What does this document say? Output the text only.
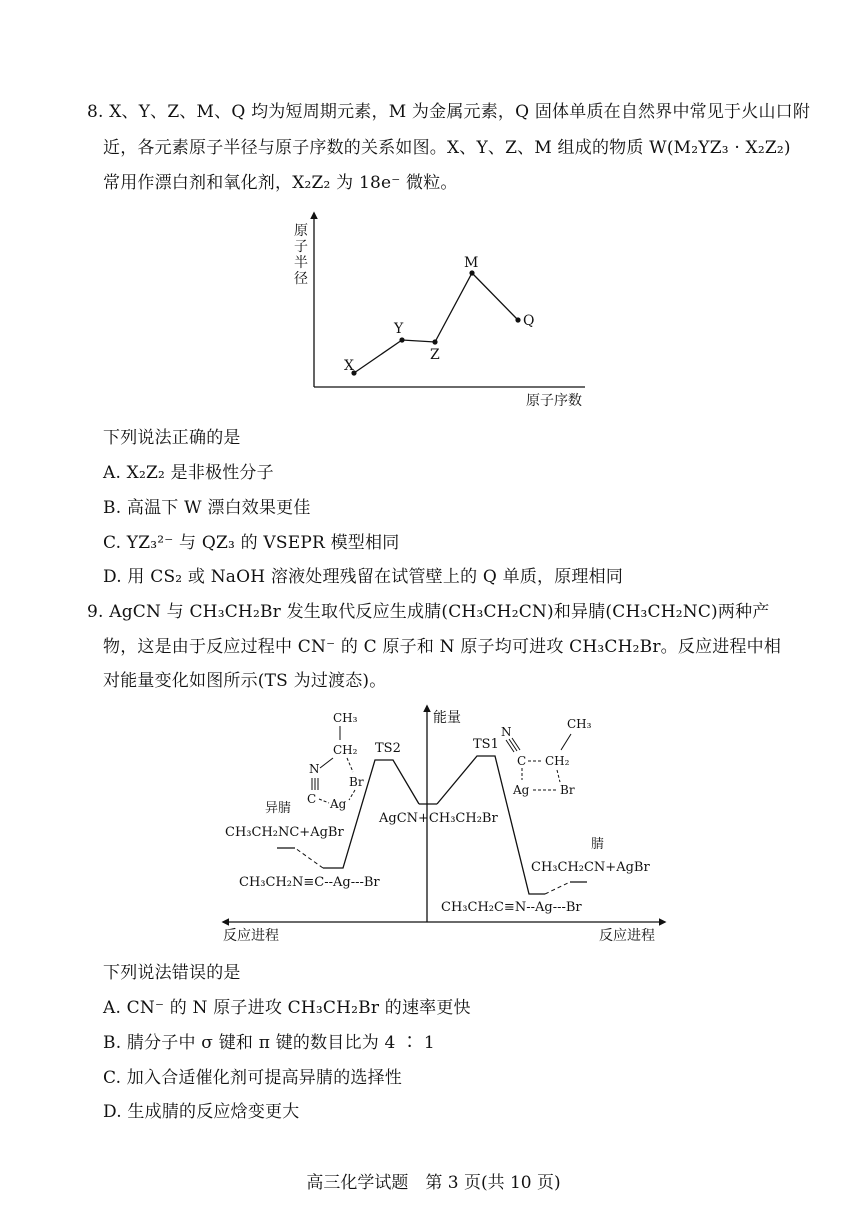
8. X、Y、Z、M、Q 均为短周期元素，M 为金属元素，Q 固体单质在自然界中常见于火山口附
近，各元素原子半径与原子序数的关系如图。X、Y、Z、M 组成的物质 W(M₂YZ₃ · X₂Z₂)
常用作漂白剂和氧化剂，X₂Z₂ 为 18e⁻ 微粒。
原
子
半
径
原子序数
X
Y
Z
M
Q
下列说法正确的是
A. X₂Z₂ 是非极性分子
B. 高温下 W 漂白效果更佳
C. YZ₃²⁻ 与 QZ₃ 的 VSEPR 模型相同
D. 用 CS₂ 或 NaOH 溶液处理残留在试管壁上的 Q 单质，原理相同
9. AgCN 与 CH₃CH₂Br 发生取代反应生成腈(CH₃CH₂CN)和异腈(CH₃CH₂NC)两种产
物，这是由于反应过程中 CN⁻ 的 C 原子和 N 原子均可进攻 CH₃CH₂Br。反应进程中相
对能量变化如图所示(TS 为过渡态)。
能量
反应进程	反应进程
AgCN+CH₃CH₂Br
TS2
异腈
CH₃CH₂NC+AgBr
CH₃CH₂N≡C--Ag---Br
CH₃
CH₂
N
C Ag
Br
TS1
腈
CH₃CH₂CN+AgBr
CH₃CH₂C≡N--Ag---Br
N
C CH₂
CH₃
Ag	Br
下列说法错误的是
A. CN⁻ 的 N 原子进攻 CH₃CH₂Br 的速率更快
B. 腈分子中 σ 键和 π 键的数目比为 4 ∶ 1
C. 加入合适催化剂可提高异腈的选择性
D. 生成腈的反应焓变更大
高三化学试题　第 3 页(共 10 页)
